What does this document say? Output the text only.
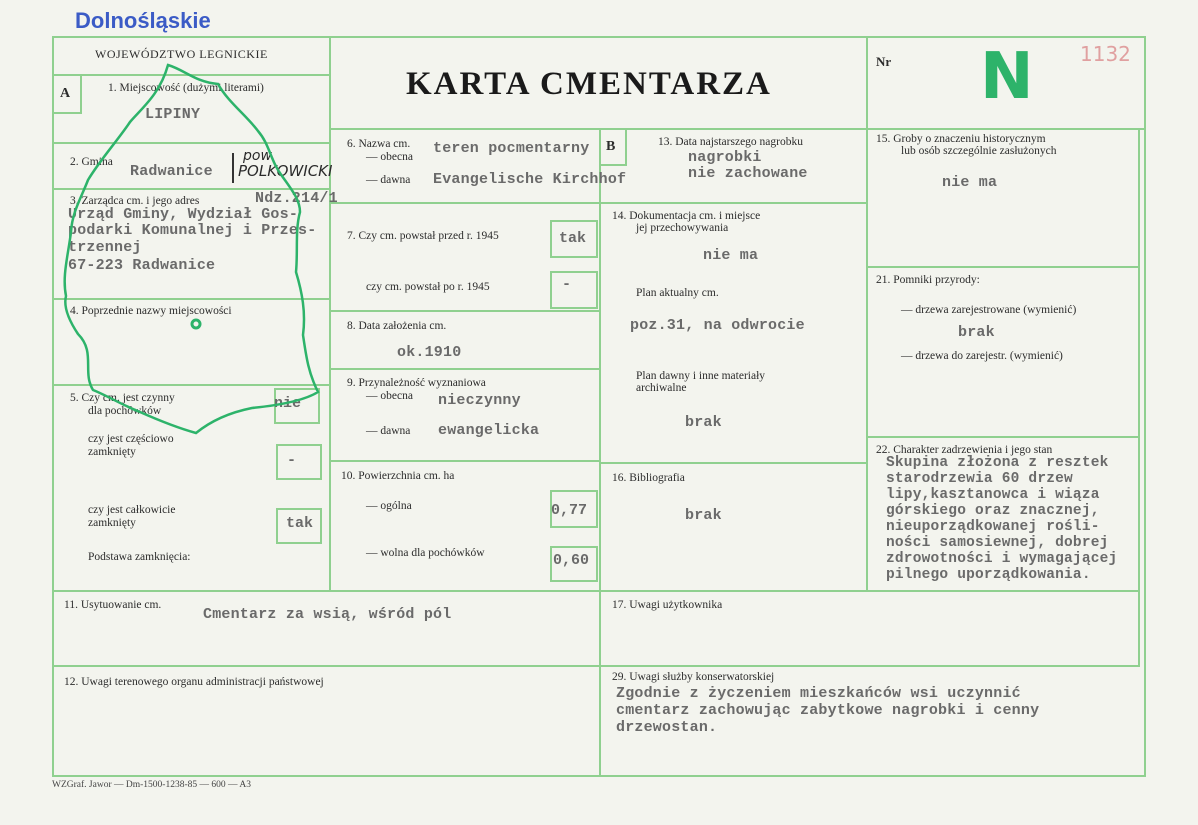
Dolnośląskie
WOJEWÓDZTWO LEGNICKIE
KARTA CMENTARZA
Nr	1132
N
A
B
1. Miejscowość (dużymi literami)
LIPINY
2. Gmina
Radwanice
pow.
POLKOWICKI
3. Zarządca cm. i jego adres	Ndz.214/1
Urząd Gminy, Wydział Gos-
podarki Komunalnej i Przes-
trzennej
67-223 Radwanice
4. Poprzednie nazwy miejscowości
5. Czy cm. jest czynny
dla pochówków	nie
czy jest częściowo
zamknięty	-
czy jest całkowicie
zamknięty	tak
Podstawa zamknięcia:
6. Nazwa cm.
— obecna teren pocmentarny
— dawna Evangelische Kirchhof
7. Czy cm. powstał przed r. 1945	tak
czy cm. powstał po r. 1945	-
8. Data założenia cm.
ok.1910
9. Przynależność wyznaniowa
— obecna nieczynny
— dawna ewangelicka
10. Powierzchnia cm. ha
— ogólna	0,77
— wolna dla pochówków	0,60
13. Data najstarszego nagrobku
nagrobki
nie zachowane
14. Dokumentacja cm. i miejsce
jej przechowywania
nie ma
Plan aktualny cm.
poz.31, na odwrocie
Plan dawny i inne materiały
archiwalne
brak
16. Bibliografia
brak
15. Groby o znaczeniu historycznym
lub osób szczególnie zasłużonych
nie ma
21. Pomniki przyrody:
— drzewa zarejestrowane (wymienić)
brak
— drzewa do zarejestr. (wymienić)
22. Charakter zadrzewienia i jego stan
Skupina złożona z resztek
starodrzewia 60 drzew
lipy,kasztanowca i wiąza
górskiego oraz znacznej,
nieuporządkowanej rośli-
ności samosiewnej, dobrej
zdrowotności i wymagającej
pilnego uporządkowania.
11. Usytuowanie cm.
Cmentarz za wsią, wśród pól
17. Uwagi użytkownika
12. Uwagi terenowego organu administracji państwowej	29. Uwagi służby konserwatorskiej
Zgodnie z życzeniem mieszkańców wsi uczynnić
cmentarz zachowując zabytkowe nagrobki i cenny
drzewostan.
WZGraf. Jawor — Dm-1500-1238-85 — 600 — A3
